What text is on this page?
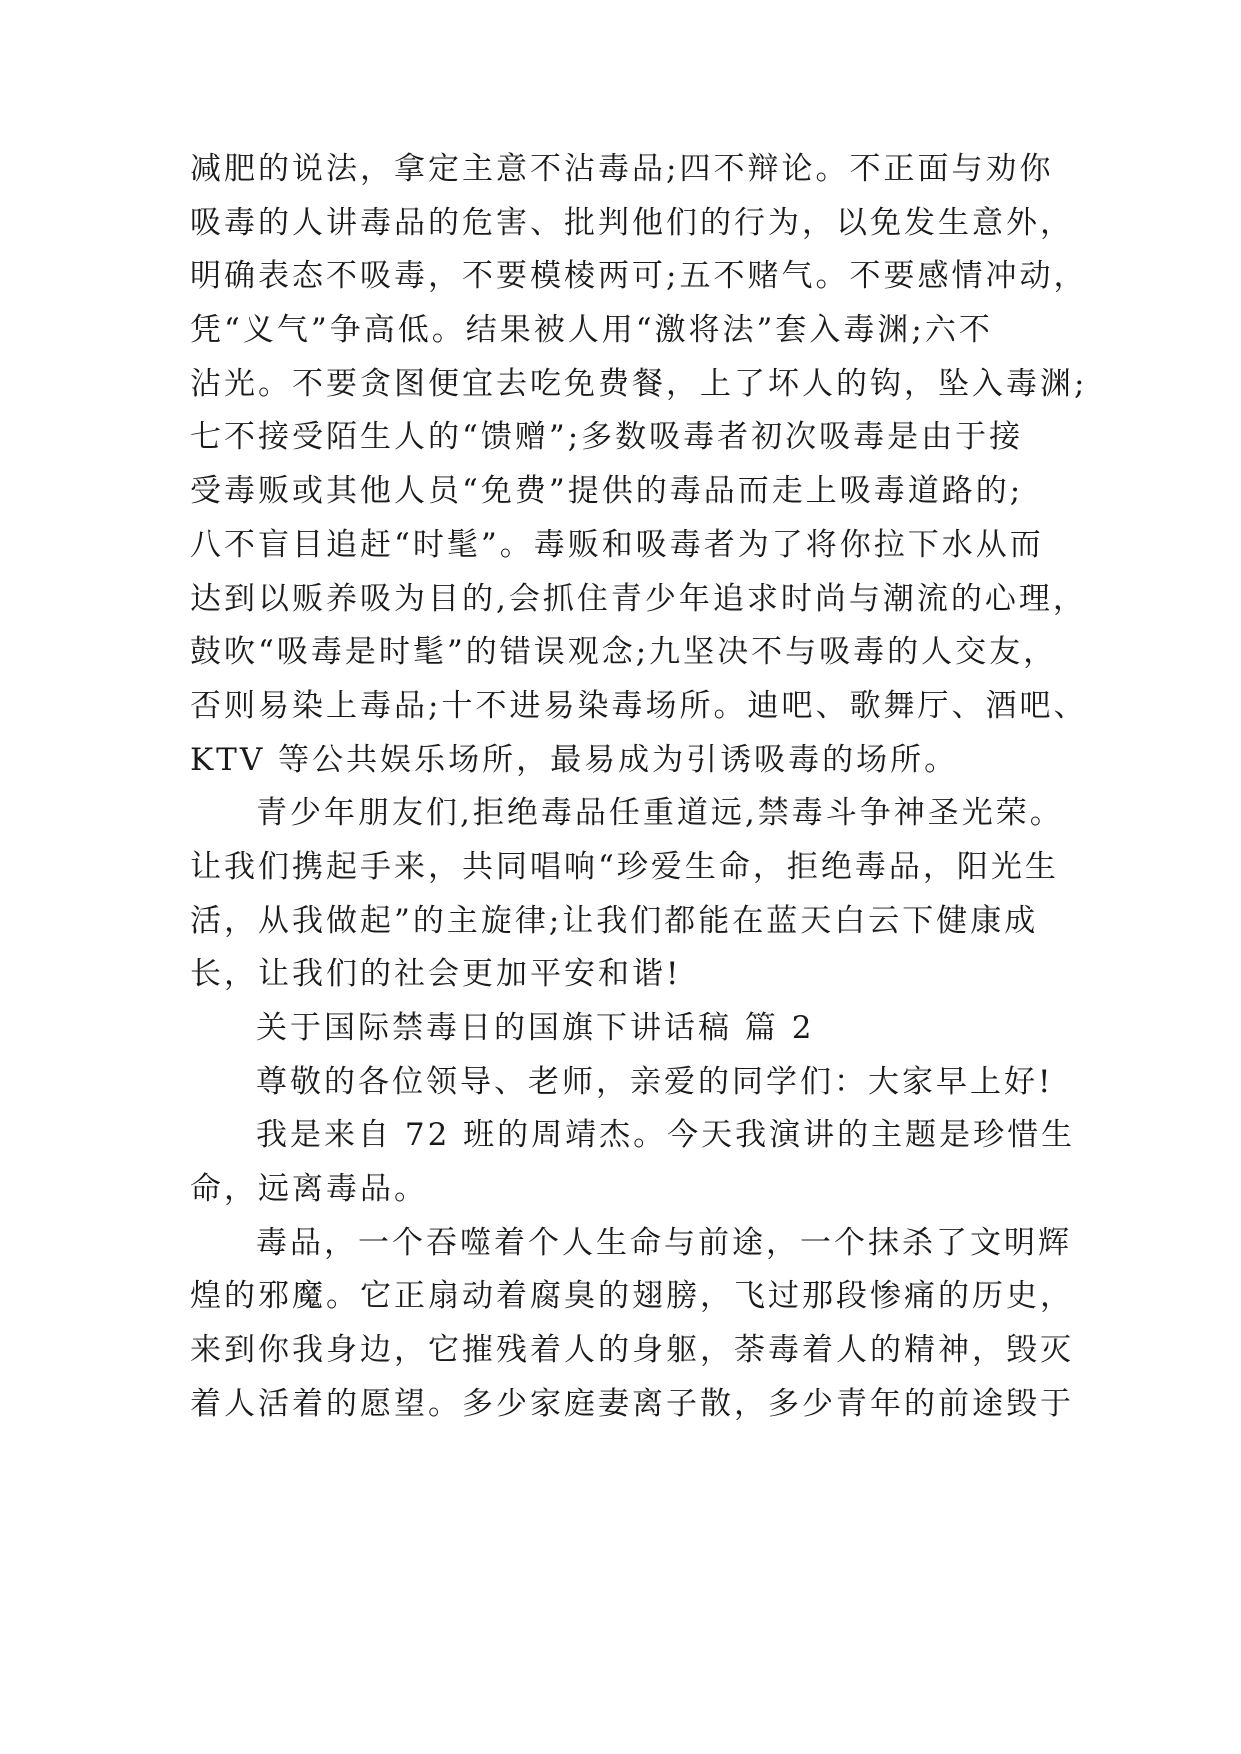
减肥的说法，拿定主意不沾毒品;四不辩论。不正面与劝你
吸毒的人讲毒品的危害、批判他们的行为，以免发生意外，
明确表态不吸毒，不要模棱两可;五不赌气。不要感情冲动，
凭“义气”争高低。结果被人用“激将法”套入毒渊;六不
沾光。不要贪图便宜去吃免费餐，上了坏人的钩，坠入毒渊;
七不接受陌生人的“馈赠”;多数吸毒者初次吸毒是由于接
受毒贩或其他人员“免费”提供的毒品而走上吸毒道路的;
八不盲目追赶“时髦”。毒贩和吸毒者为了将你拉下水从而
达到以贩养吸为目的,会抓住青少年追求时尚与潮流的心理，
鼓吹“吸毒是时髦”的错误观念;九坚决不与吸毒的人交友，
否则易染上毒品;十不进易染毒场所。迪吧、歌舞厅、酒吧、
KTV 等公共娱乐场所，最易成为引诱吸毒的场所。
青少年朋友们,拒绝毒品任重道远,禁毒斗争神圣光荣。
让我们携起手来，共同唱响“珍爱生命，拒绝毒品，阳光生
活，从我做起”的主旋律;让我们都能在蓝天白云下健康成
长，让我们的社会更加平安和谐!
关于国际禁毒日的国旗下讲话稿 篇 2
尊敬的各位领导、老师，亲爱的同学们：大家早上好!
我是来自 72 班的周靖杰。今天我演讲的主题是珍惜生
命，远离毒品。
毒品，一个吞噬着个人生命与前途，一个抹杀了文明辉
煌的邪魔。它正扇动着腐臭的翅膀，飞过那段惨痛的历史，
来到你我身边，它摧残着人的身躯，荼毒着人的精神，毁灭
着人活着的愿望。多少家庭妻离子散，多少青年的前途毁于
